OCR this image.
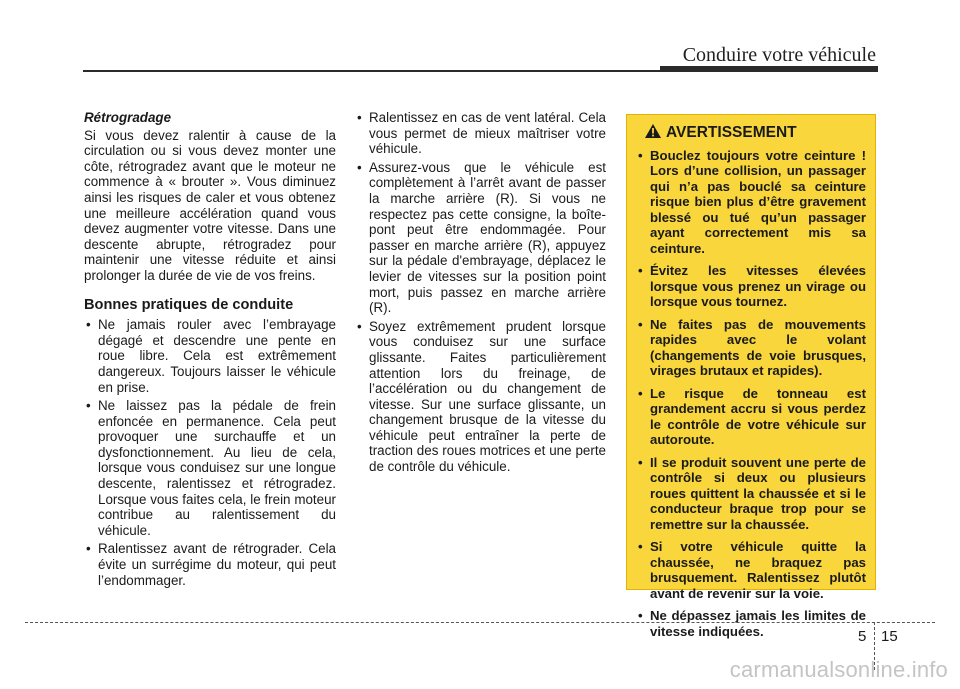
Conduire votre véhicule

Rétrogradage

Si vous devez ralentir à cause de la circulation ou si vous devez monter une côte, rétrogradez avant que le moteur ne commence à « brouter ». Vous diminuez ainsi les risques de caler et vous obtenez une meilleure accélération quand vous devez augmenter votre vitesse. Dans une descente abrupte, rétrogradez pour maintenir une vitesse réduite et ainsi prolonger la durée de vie de vos freins.

Bonnes pratiques de conduite

• Ne jamais rouler avec l’embrayage dégagé et descendre une pente en roue libre. Cela est extrêmement dangereux. Toujours laisser le véhicule en prise.
• Ne laissez pas la pédale de frein enfoncée en permanence. Cela peut provoquer une surchauffe et un dysfonctionnement. Au lieu de cela, lorsque vous conduisez sur une longue descente, ralentissez et rétrogradez. Lorsque vous faites cela, le frein moteur contribue au ralentissement du véhicule.
• Ralentissez avant de rétrograder. Cela évite un surrégime du moteur, qui peut l’endommager.
• Ralentissez en cas de vent latéral. Cela vous permet de mieux maîtriser votre véhicule.
• Assurez-vous que le véhicule est complètement à l’arrêt avant de passer la marche arrière (R). Si vous ne respectez pas cette consigne, la boîte-pont peut être endommagée. Pour passer en marche arrière (R), appuyez sur la pédale d'embrayage, déplacez le levier de vitesses sur la position point mort, puis passez en marche arrière (R).
• Soyez extrêmement prudent lorsque vous conduisez sur une surface glissante. Faites particulièrement attention lors du freinage, de l’accélération ou du changement de vitesse. Sur une surface glissante, un changement brusque de la vitesse du véhicule peut entraîner la perte de traction des roues motrices et une perte de contrôle du véhicule.
AVERTISSEMENT
• Bouclez toujours votre ceinture ! Lors d’une collision, un passager qui n’a pas bouclé sa ceinture risque bien plus d’être gravement blessé ou tué qu’un passager ayant correctement mis sa ceinture.
• Évitez les vitesses élevées lorsque vous prenez un virage ou lorsque vous tournez.
• Ne faites pas de mouvements rapides avec le volant (changements de voie brusques, virages brutaux et rapides).
• Le risque de tonneau est grandement accru si vous perdez le contrôle de votre véhicule sur autoroute.
• Il se produit souvent une perte de contrôle si deux ou plusieurs roues quittent la chaussée et si le conducteur braque trop pour se remettre sur la chaussée.
• Si votre véhicule quitte la chaussée, ne braquez pas brusquement. Ralentissez plutôt avant de revenir sur la voie.
• Ne dépassez jamais les limites de vitesse indiquées.	5 15
carmanualsonline.info
